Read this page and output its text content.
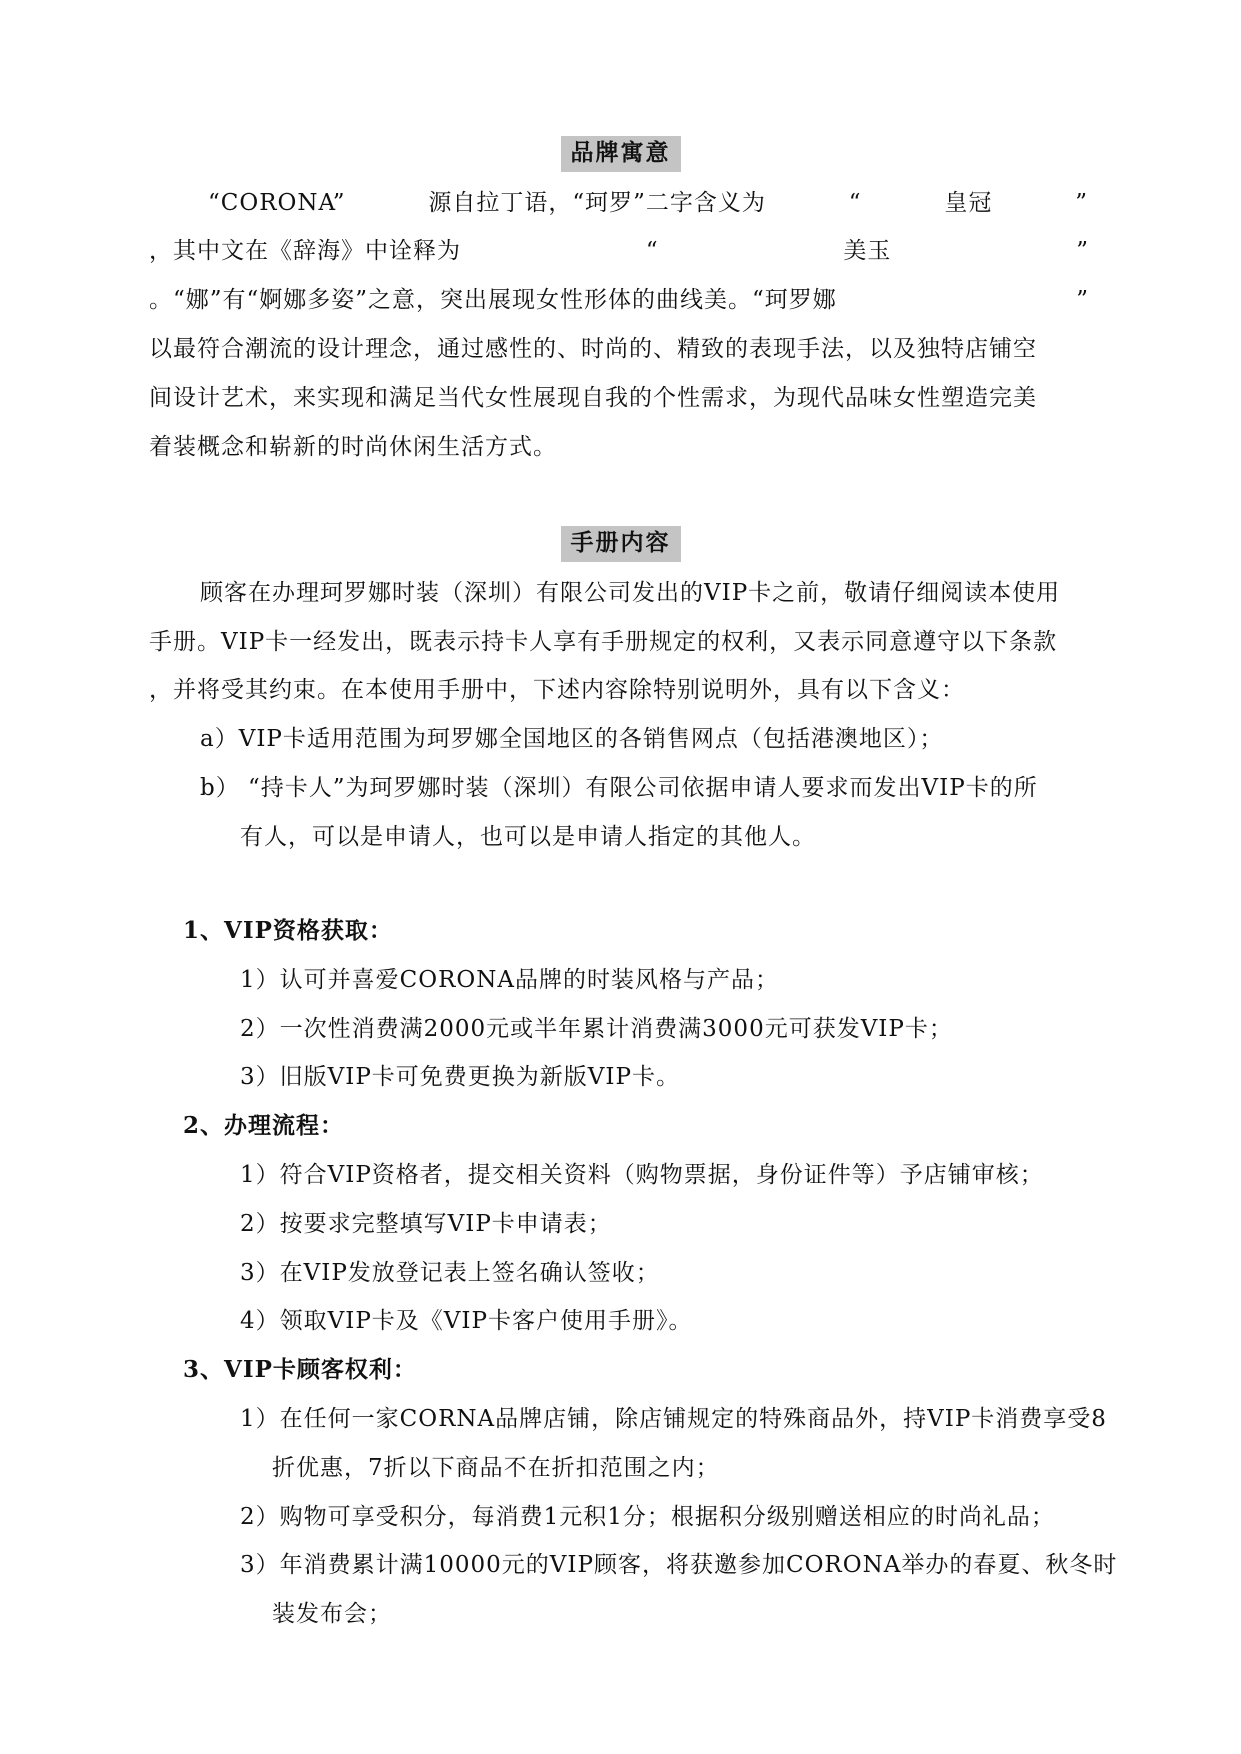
品牌寓意
“CORONA”	源自拉丁语，“珂罗”二字含义为	“	皇冠	”
，其中文在《辞海》中诠释为	“	美玉	”
。“娜”有“婀娜多姿”之意，突出展现女性形体的曲线美。“珂罗娜	”
以最符合潮流的设计理念，通过感性的、时尚的、精致的表现手法，以及独特店铺空
间设计艺术，来实现和满足当代女性展现自我的个性需求，为现代品味女性塑造完美
着装概念和崭新的时尚休闲生活方式。
手册内容
顾客在办理珂罗娜时装（深圳）有限公司发出的VIP卡之前，敬请仔细阅读本使用
手册。VIP卡一经发出，既表示持卡人享有手册规定的权利，又表示同意遵守以下条款
，并将受其约束。在本使用手册中，下述内容除特别说明外，具有以下含义：
a）VIP卡适用范围为珂罗娜全国地区的各销售网点（包括港澳地区）；
b） “持卡人”为珂罗娜时装（深圳）有限公司依据申请人要求而发出VIP卡的所
有人，可以是申请人，也可以是申请人指定的其他人。
1、VIP资格获取：
1）认可并喜爱CORONA品牌的时装风格与产品；
2）一次性消费满2000元或半年累计消费满3000元可获发VIP卡；
3）旧版VIP卡可免费更换为新版VIP卡。
2、办理流程：
1）符合VIP资格者，提交相关资料（购物票据，身份证件等）予店铺审核；
2）按要求完整填写VIP卡申请表；
3）在VIP发放登记表上签名确认签收；
4）领取VIP卡及《VIP卡客户使用手册》。
3、VIP卡顾客权利：
1）在任何一家CORNA品牌店铺，除店铺规定的特殊商品外，持VIP卡消费享受8
折优惠，7折以下商品不在折扣范围之内；
2）购物可享受积分，每消费1元积1分；根据积分级别赠送相应的时尚礼品；
3）年消费累计满10000元的VIP顾客，将获邀参加CORONA举办的春夏、秋冬时
装发布会；
